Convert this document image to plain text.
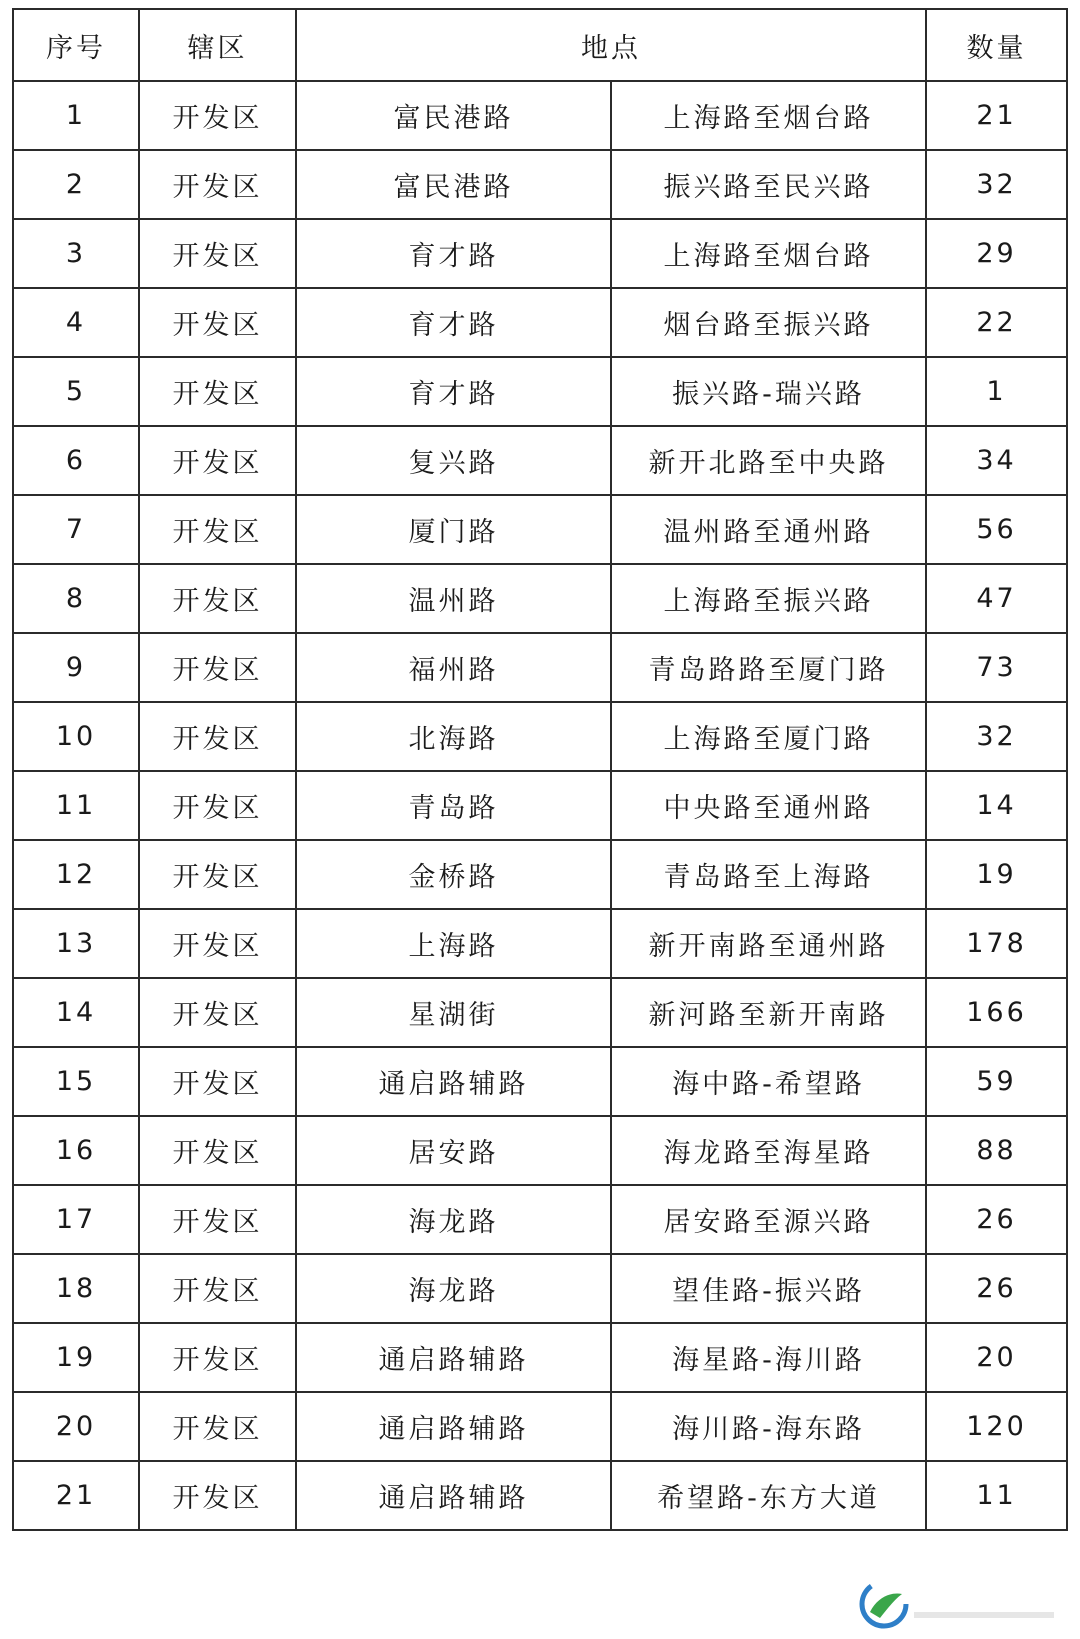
序号	辖区	地点		数量
1	开发区	富民港路	上海路至烟台路	21
2	开发区	富民港路	振兴路至民兴路	32
3	开发区	育才路	上海路至烟台路	29
4	开发区	育才路	烟台路至振兴路	22
5	开发区	育才路	振兴路-瑞兴路	1
6	开发区	复兴路	新开北路至中央路	34
7	开发区	厦门路	温州路至通州路	56
8	开发区	温州路	上海路至振兴路	47
9	开发区	福州路	青岛路路至厦门路	73
10	开发区	北海路	上海路至厦门路	32
11	开发区	青岛路	中央路至通州路	14
12	开发区	金桥路	青岛路至上海路	19
13	开发区	上海路	新开南路至通州路	178
14	开发区	星湖街	新河路至新开南路	166
15	开发区	通启路辅路	海中路-希望路	59
16	开发区	居安路	海龙路至海星路	88
17	开发区	海龙路	居安路至源兴路	26
18	开发区	海龙路	望佳路-振兴路	26
19	开发区	通启路辅路	海星路-海川路	20
20	开发区	通启路辅路	海川路-海东路	120
21	开发区	通启路辅路	希望路-东方大道	11
